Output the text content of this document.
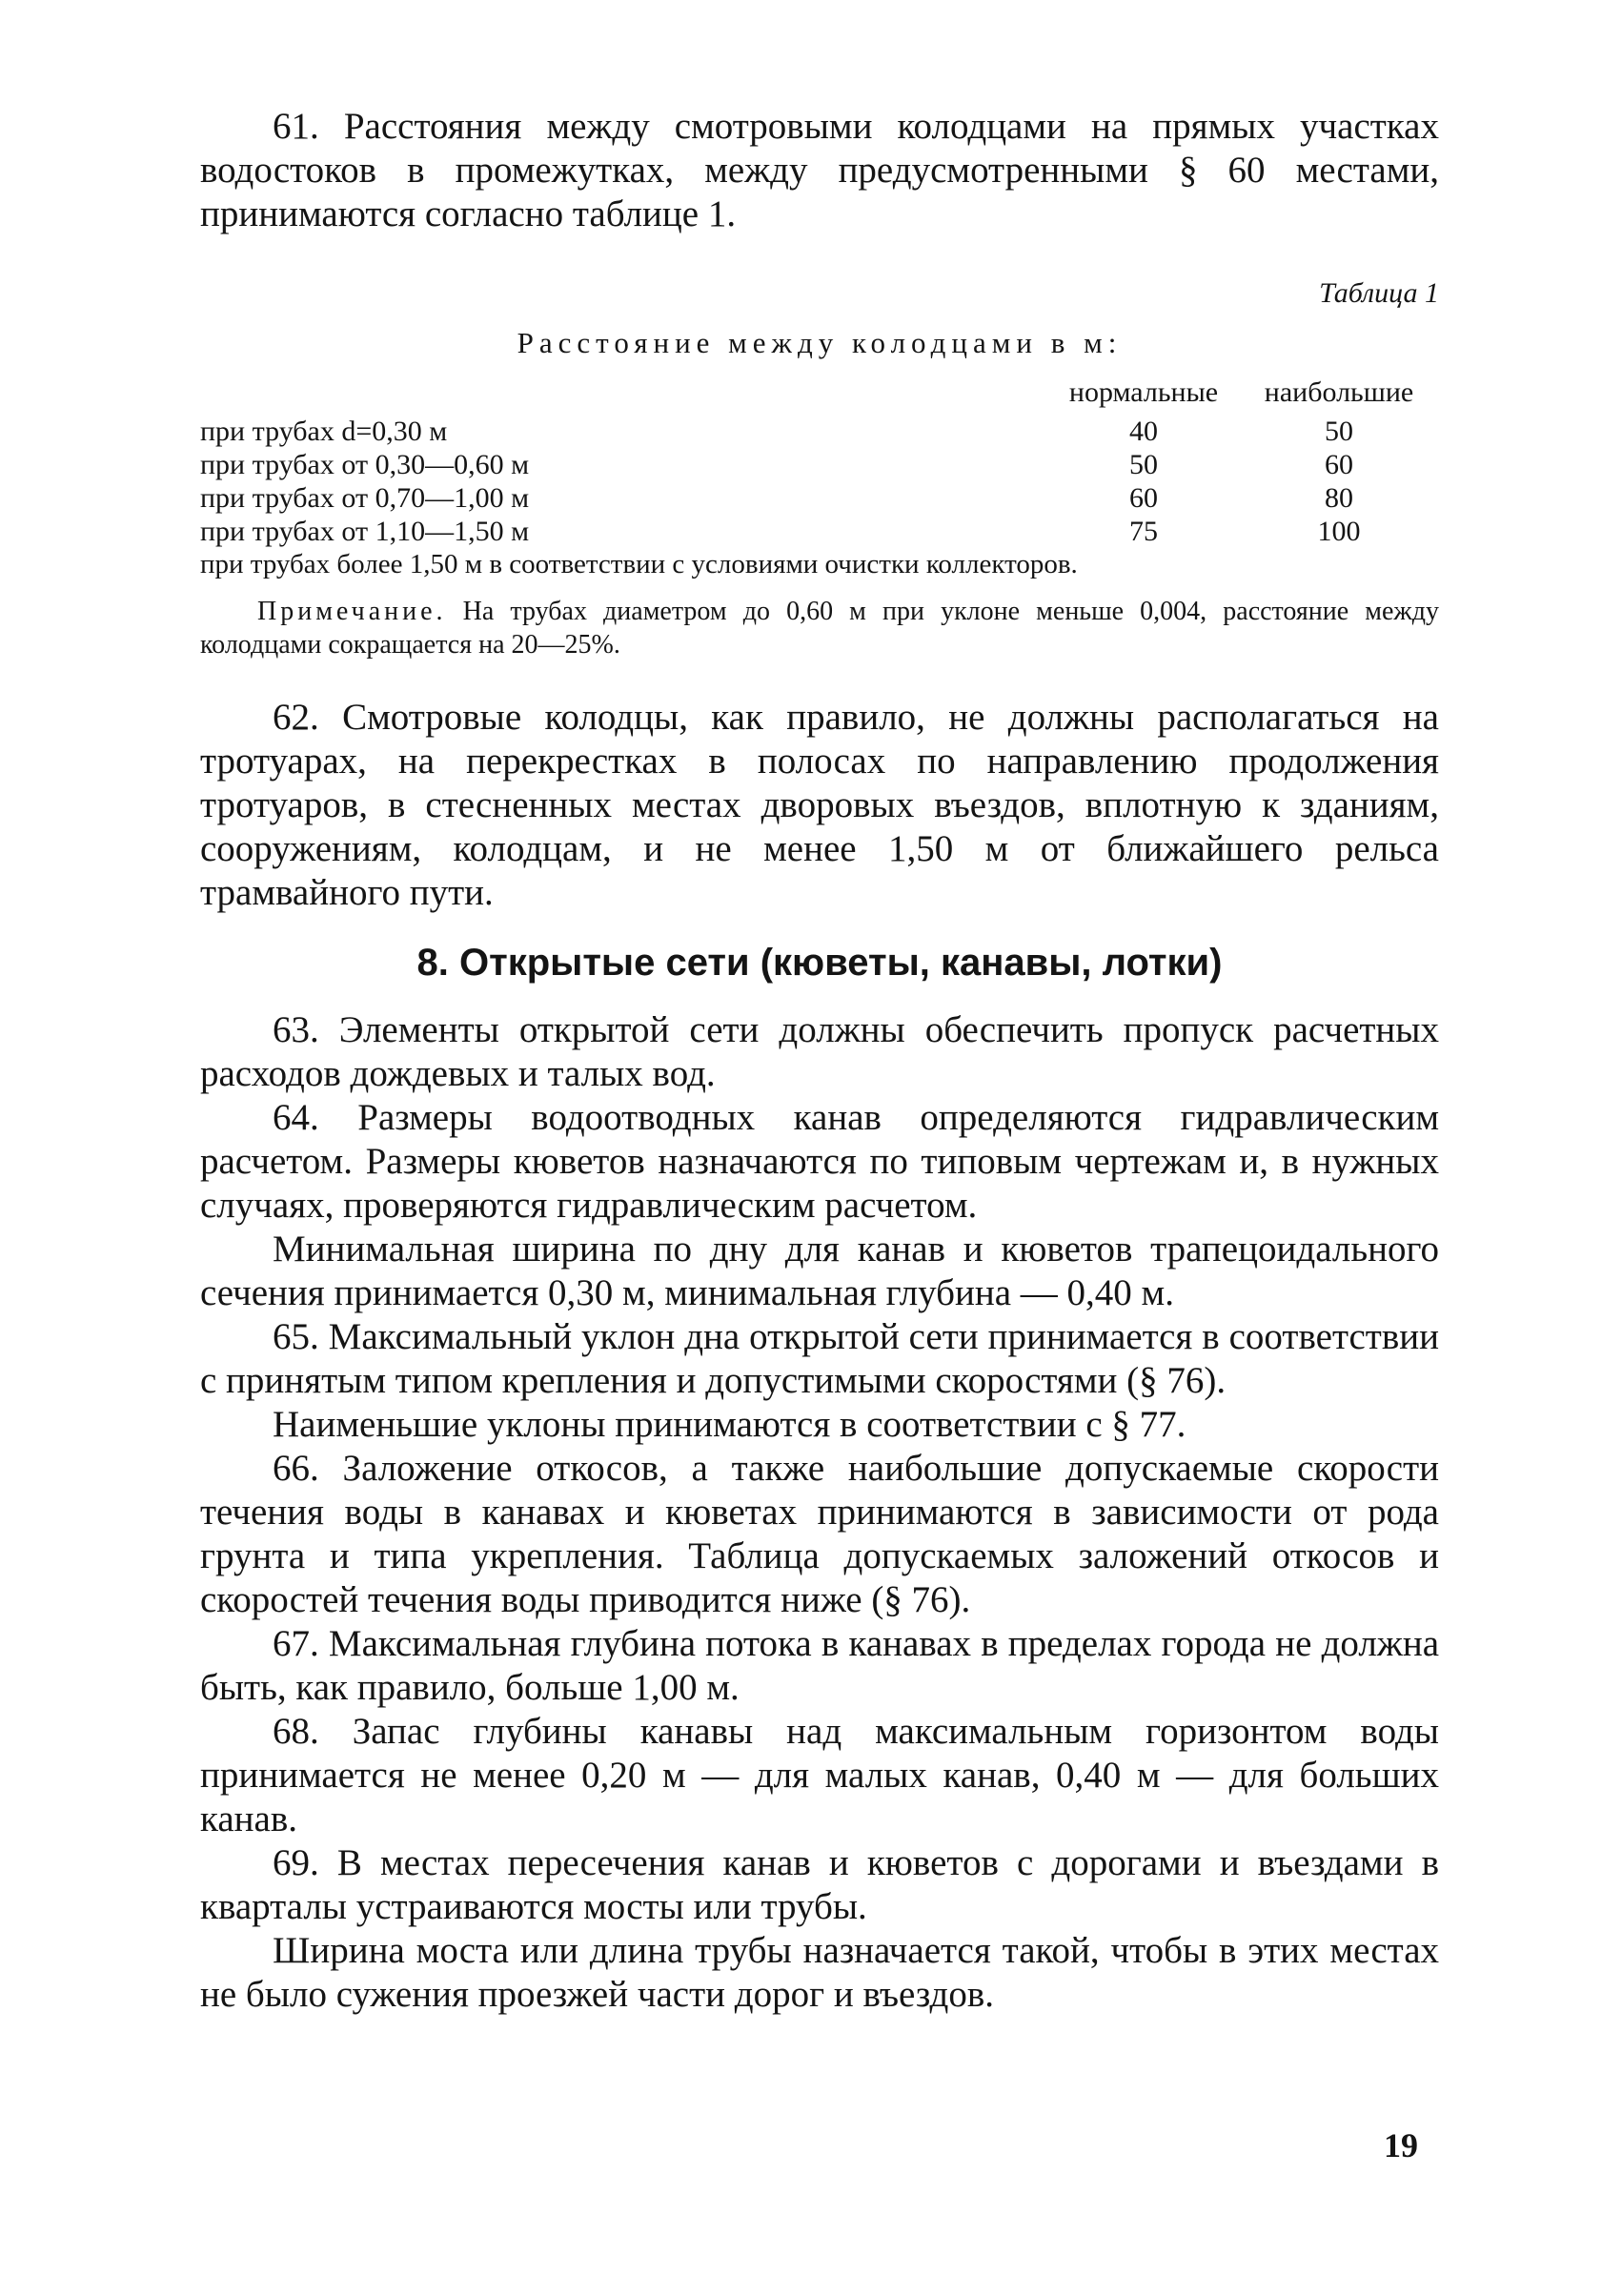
61. Расстояния между смотровыми колодцами на прямых участках водостоков в промежутках, между предусмотренными § 60 местами, принимаются согласно таблице 1.

Таблица 1
Расстояние между колодцами в м:
	нормальные	наибольшие
при трубах d=0,30 м	40	50
при трубах от 0,30—0,60 м	50	60
при трубах от 0,70—1,00 м	60	80
при трубах от 1,10—1,50 м	75	100
при трубах более 1,50 м в соответствии с условиями очистки коллекторов.		

Примечание. На трубах диаметром до 0,60 м при уклоне меньше 0,004, расстояние между колодцами сокращается на 20—25%.

62. Смотровые колодцы, как правило, не должны располагаться на тротуарах, на перекрестках в полосах по направлению продолжения тротуаров, в стесненных местах дворовых въездов, вплотную к зданиям, сооружениям, колодцам, и не менее 1,50 м от ближайшего рельса трамвайного пути.

8. Открытые сети (кюветы, канавы, лотки)

63. Элементы открытой сети должны обеспечить пропуск расчетных расходов дождевых и талых вод.

64. Размеры водоотводных канав определяются гидравлическим расчетом. Размеры кюветов назначаются по типовым чертежам и, в нужных случаях, проверяются гидравлическим расчетом.

Минимальная ширина по дну для канав и кюветов трапецоидального сечения принимается 0,30 м, минимальная глубина — 0,40 м.

65. Максимальный уклон дна открытой сети принимается в соответствии с принятым типом крепления и допустимыми скоростями (§ 76).

Наименьшие уклоны принимаются в соответствии с § 77.

66. Заложение откосов, а также наибольшие допускаемые скорости течения воды в канавах и кюветах принимаются в зависимости от рода грунта и типа укрепления. Таблица допускаемых заложений откосов и скоростей течения воды приводится ниже (§ 76).

67. Максимальная глубина потока в канавах в пределах города не должна быть, как правило, больше 1,00 м.

68. Запас глубины канавы над максимальным горизонтом воды принимается не менее 0,20 м — для малых канав, 0,40 м — для больших канав.

69. В местах пересечения канав и кюветов с дорогами и въездами в кварталы устраиваются мосты или трубы.

Ширина моста или длина трубы назначается такой, чтобы в этих местах не было сужения проезжей части дорог и въездов.

19
